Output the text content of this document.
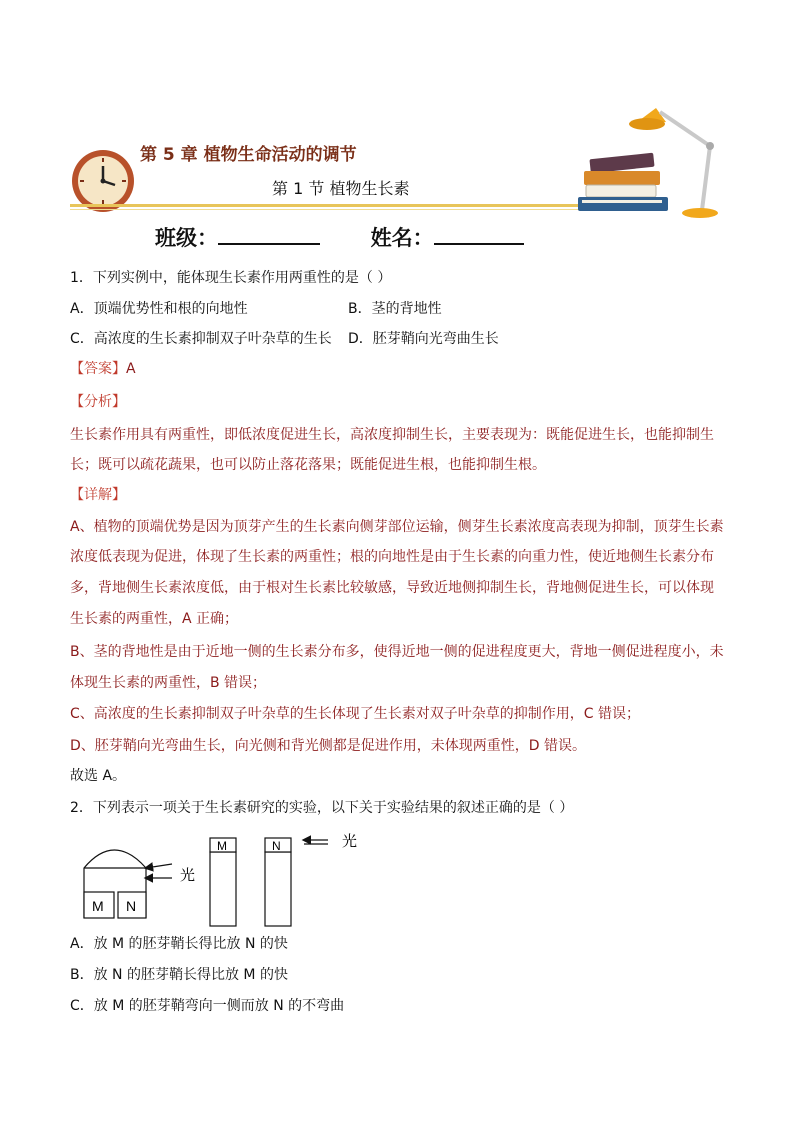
第 5 章 植物生命活动的调节
第 1 节 植物生长素
班级：	姓名：
1．下列实例中，能体现生长素作用两重性的是（ ）
A．顶端优势性和根的向地性	B．茎的背地性
C．高浓度的生长素抑制双子叶杂草的生长 D．胚芽鞘向光弯曲生长
【答案】A
【分析】
生长素作用具有两重性，即低浓度促进生长，高浓度抑制生长，主要表现为：既能促进生长，也能抑制生
长；既可以疏花蔬果，也可以防止落花落果；既能促进生根，也能抑制生根。
【详解】
A、植物的顶端优势是因为顶芽产生的生长素向侧芽部位运输，侧芽生长素浓度高表现为抑制，顶芽生长素
浓度低表现为促进，体现了生长素的两重性；根的向地性是由于生长素的向重力性，使近地侧生长素分布
多，背地侧生长素浓度低，由于根对生长素比较敏感，导致近地侧抑制生长，背地侧促进生长，可以体现
生长素的两重性，A 正确；
B、茎的背地性是由于近地一侧的生长素分布多，使得近地一侧的促进程度更大，背地一侧促进程度小，未
体现生长素的两重性，B 错误；
C、高浓度的生长素抑制双子叶杂草的生长体现了生长素对双子叶杂草的抑制作用，C 错误；
D、胚芽鞘向光弯曲生长，向光侧和背光侧都是促进作用，未体现两重性，D 错误。
故选 A。
2．下列表示一项关于生长素研究的实验，以下关于实验结果的叙述正确的是（ ）
M N
光
M	N	光
A．放 M 的胚芽鞘长得比放 N 的快
B．放 N 的胚芽鞘长得比放 M 的快
C．放 M 的胚芽鞘弯向一侧而放 N 的不弯曲
